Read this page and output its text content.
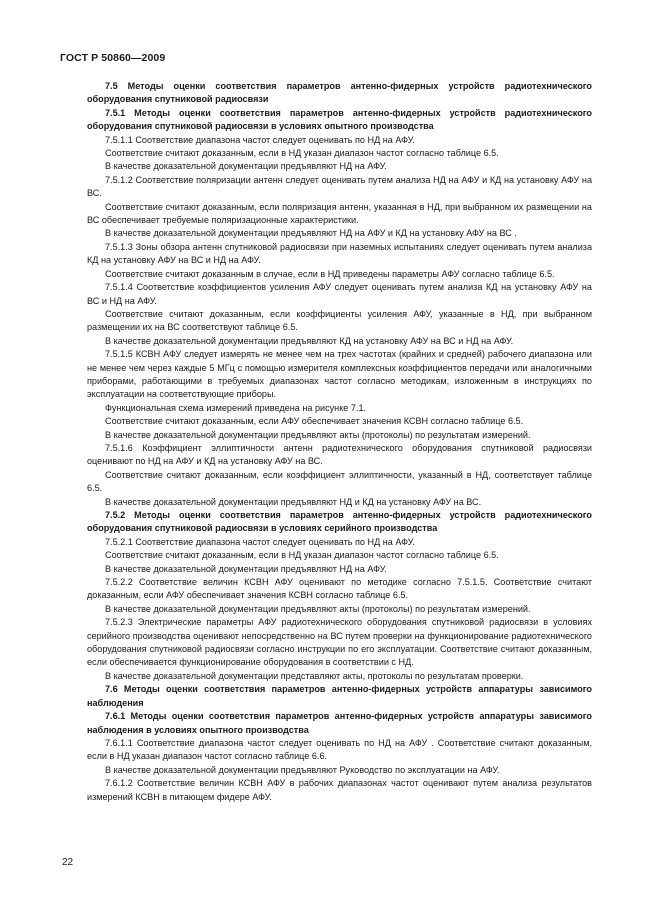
ГОСТ Р 50860—2009

7.5 Методы оценки соответствия параметров антенно-фидерных устройств радиотехнического оборудования спутниковой радиосвязи

7.5.1 Методы оценки соответствия параметров антенно-фидерных устройств радиотехнического оборудования спутниковой радиосвязи в условиях опытного производства

7.5.1.1 Соответствие диапазона частот следует оценивать по НД на АФУ.

Соответствие считают доказанным, если в НД указан диапазон частот согласно таблице 6.5.

В качестве доказательной документации предъявляют НД на АФУ.

7.5.1.2 Соответствие поляризации антенн следует оценивать путем анализа НД на АФУ и КД на установку АФУ на ВС.

Соответствие считают доказанным, если поляризация антенн, указанная в НД, при выбранном их размещении на ВС обеспечивает требуемые поляризационные характеристики.

В качестве доказательной документации предъявляют НД на АФУ и КД на установку АФУ на ВС .

7.5.1.3 Зоны обзора антенн спутниковой радиосвязи при наземных испытаниях следует оценивать путем анализа КД на установку АФУ на ВС и НД на АФУ.

Соответствие считают доказанным в случае, если в НД приведены параметры АФУ согласно таблице 6.5.

7.5.1.4 Соответствие коэффициентов усиления АФУ следует оценивать путем анализа КД на установку АФУ на ВС и НД на АФУ.

Соответствие считают доказанным, если коэффициенты усиления АФУ, указанные в НД, при выбранном размещении их на ВС соответствуют таблице 6.5.

В качестве доказательной документации предъявляют КД на установку АФУ на ВС и НД на АФУ.

7.5.1.5 КСВН АФУ следует измерять не менее чем на трех частотах (крайних и средней) рабочего диапазона или не менее чем через каждые 5 МГц с помощью измерителя комплексных коэффициентов передачи или аналогичными приборами, работающими в требуемых диапазонах частот согласно методикам, изложенным в инструкциях по эксплуатации на соответствующие приборы.

Функциональная схема измерений приведена на рисунке 7.1.

Соответствие считают доказанным, если АФУ обеспечивает значения КСВН согласно таблице 6.5.

В качестве доказательной документации предъявляют акты (протоколы) по результатам измерений.

7.5.1.6 Коэффициент эллиптичности антенн радиотехнического оборудования спутниковой радиосвязи оценивают по НД на АФУ и КД на установку АФУ на ВС.

Соответствие считают доказанным, если коэффициент эллиптичности, указанный в НД, соответствует таблице 6.5.

В качестве доказательной документации предъявляют НД и КД на установку АФУ на ВС.

7.5.2 Методы оценки соответствия параметров антенно-фидерных устройств радиотехнического оборудования спутниковой радиосвязи в условиях серийного производства

7.5.2.1 Соответствие диапазона частот следует оценивать по НД на АФУ.

Соответствие считают доказанным, если в НД указан диапазон частот согласно таблице 6.5.

В качестве доказательной документации предъявляют НД на АФУ.

7.5.2.2 Соответствие величин КСВН АФУ оценивают по методике согласно 7.5.1.5. Соответствие считают доказанным, если АФУ обеспечивает значения КСВН согласно таблице 6.5.

В качестве доказательной документации предъявляют акты (протоколы) по результатам измерений.

7.5.2.3 Электрические параметры АФУ радиотехнического оборудования спутниковой радиосвязи в условиях серийного производства оценивают непосредственно на ВС путем проверки на функционирование радиотехнического оборудования спутниковой радиосвязи согласно инструкции по его эксплуатации. Соответствие считают доказанным, если обеспечивается функционирование оборудования в соответствии с НД.

В качестве доказательной документации представляют акты, протоколы по результатам проверки.

7.6 Методы оценки соответствия параметров антенно-фидерных устройств аппаратуры зависимого наблюдения

7.6.1 Методы оценки соответствия параметров антенно-фидерных устройств аппаратуры зависимого наблюдения в условиях опытного производства

7.6.1.1 Соответствие диапазона частот следует оценивать по НД на АФУ . Соответствие считают доказанным, если в НД указан диапазон частот согласно таблице 6.6.

В качестве доказательной документации предъявляют Руководство по эксплуатации на АФУ.

7.6.1.2 Соответствие величин КСВН АФУ в рабочих диапазонах частот оценивают путем анализа результатов измерений КСВН в питающем фидере АФУ.

22
